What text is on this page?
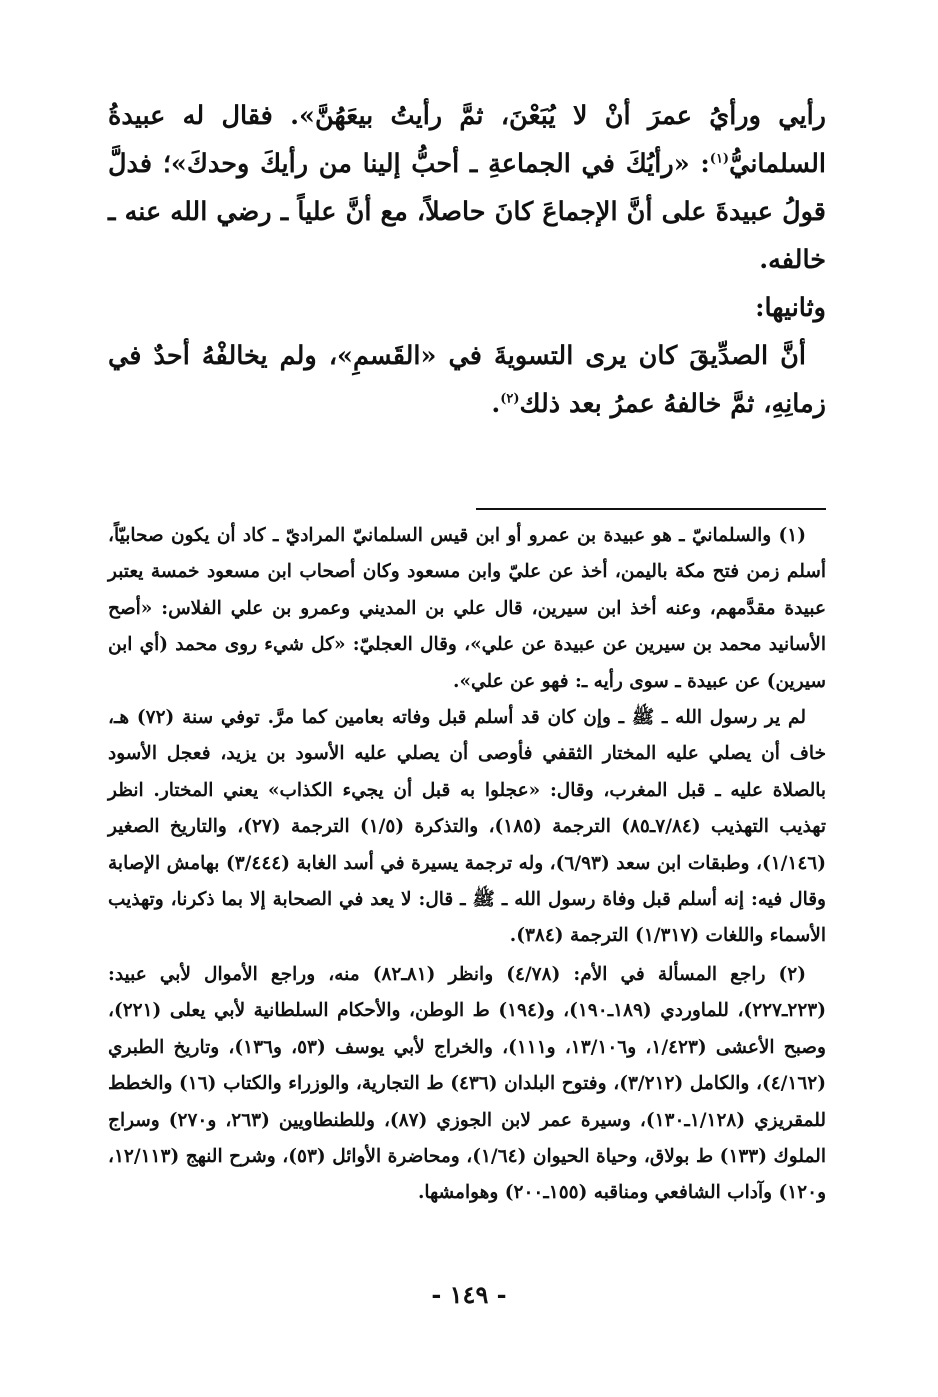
رأيي ورأيُ عمرَ أنْ لا يُبَعْنَ، ثمَّ رأيتُ بيعَهُنَّ». فقال له عبيدةُ السلمانيُّ$^{(١)}$: «رأيُكَ في الجماعةِ ـ أحبُّ إلينا من رأيكَ وحدكَ»؛ فدلَّ قولُ عبيدةَ على أنَّ الإجماعَ كانَ حاصلاً، مع أنَّ علياً ـ رضي الله عنه ـ خالفه.

وثانيها:

أنَّ الصدِّيقَ كان يرى التسويةَ في «القَسمِ»، ولم يخالفْهُ أحدٌ في زمانِهِ، ثمَّ خالفهُ عمرُ بعد ذلك$^{(٢)}$.

(١) والسلمانيّ ـ هو عبيدة بن عمرو أو ابن قيس السلمانيّ المراديّ ـ كاد أن يكون صحابيّاً، أسلم زمن فتح مكة باليمن، أخذ عن عليّ وابن مسعود وكان أصحاب ابن مسعود خمسة يعتبر عبيدة مقدَّمهم، وعنه أخذ ابن سيرين، قال علي بن المديني وعمرو بن علي الفلاس: «أصح الأسانيد محمد بن سيرين عن عبيدة عن علي»، وقال العجليّ: «كل شيء روى محمد (أي ابن سيرين) عن عبيدة ـ سوى رأيه ـ: فهو عن علي».

لم ير رسول الله ـ ﷺ ـ وإن كان قد أسلم قبل وفاته بعامين كما مرَّ. توفي سنة (٧٢) هـ، خاف أن يصلي عليه المختار الثقفي فأوصى أن يصلي عليه الأسود بن يزيد، فعجل الأسود بالصلاة عليه ـ قبل المغرب، وقال: «عجلوا به قبل أن يجيء الكذاب» يعني المختار. انظر تهذيب التهذيب (٧/٨٤ـ٨٥) الترجمة (١٨٥)، والتذكرة (١/٥) الترجمة (٢٧)، والتاريخ الصغير (١/١٤٦)، وطبقات ابن سعد (٦/٩٣)، وله ترجمة يسيرة في أسد الغابة (٣/٤٤٤) بهامش الإصابة وقال فيه: إنه أسلم قبل وفاة رسول الله ـ ﷺ ـ قال: لا يعد في الصحابة إلا بما ذكرنا، وتهذيب الأسماء واللغات (١/٣١٧) الترجمة (٣٨٤).

(٢) راجع المسألة في الأم: (٤/٧٨) وانظر (٨١ـ٨٢) منه، وراجع الأموال لأبي عبيد: (٢٢٣ـ٢٢٧)، للماوردي (١٨٩ـ١٩٠)، و(١٩٤) ط الوطن، والأحكام السلطانية لأبي يعلى (٢٢١)، وصبح الأعشى (١/٤٢٣، و١٣/١٠٦، و١١١)، والخراج لأبي يوسف (٥٣، و١٣٦)، وتاريخ الطبري (٤/١٦٢)، والكامل (٣/٢١٢)، وفتوح البلدان (٤٣٦) ط التجارية، والوزراء والكتاب (١٦) والخطط للمقريزي (١/١٢٨ـ١٣٠)، وسيرة عمر لابن الجوزي (٨٧)، وللطنطاويين (٢٦٣، و٢٧٠) وسراج الملوك (١٣٣) ط بولاق، وحياة الحيوان (١/٦٤)، ومحاضرة الأوائل (٥٣)، وشرح النهج (١٢/١١٣، و١٢٠) وآداب الشافعي ومناقبه (١٥٥ـ٢٠٠) وهوامشها.

- ١٤٩ -
